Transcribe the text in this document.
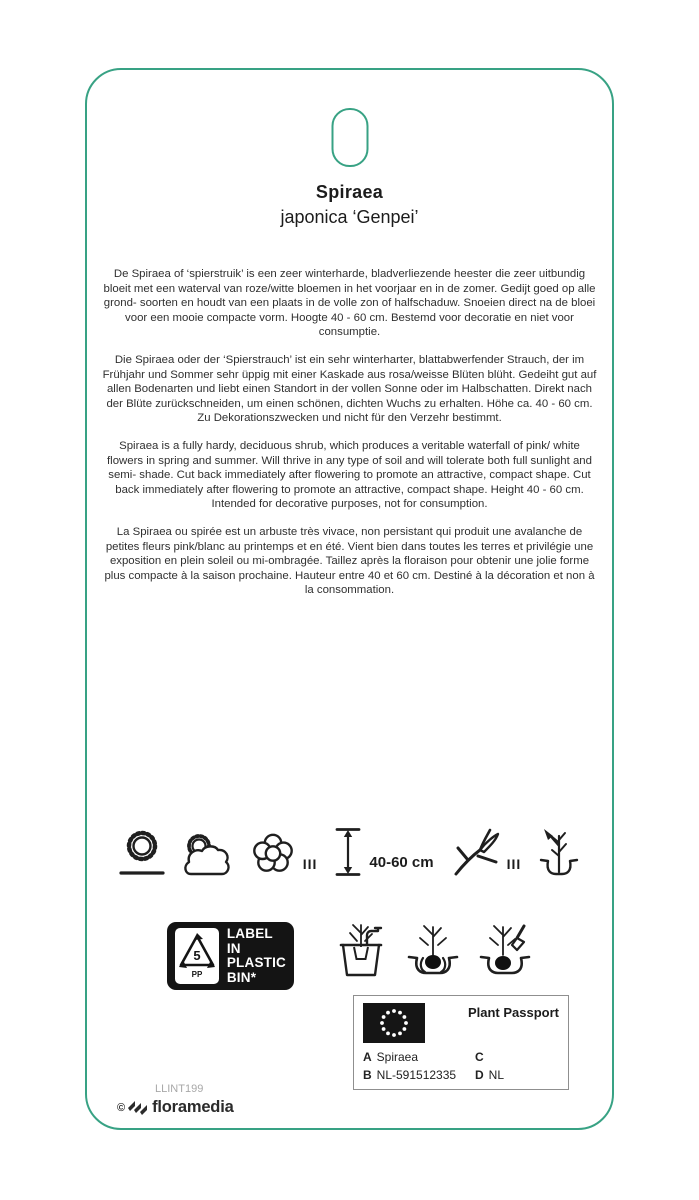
Spiraea
japonica ‘Genpei’

De Spiraea of ‘spierstruik’ is een zeer winterharde, bladverliezende heester die zeer uitbundig bloeit met een waterval van roze/witte bloemen in het voorjaar en in de zomer. Gedijt goed op alle grond- soorten en houdt van een plaats in de volle zon of halfschaduw. Snoeien direct na de bloei voor een mooie compacte vorm. Hoogte 40 - 60 cm. Bestemd voor decoratie en niet voor consumptie.

Die Spiraea oder der ‘Spierstrauch’ ist ein sehr winterharter, blattabwerfender Strauch, der im Frühjahr und Sommer sehr üppig mit einer Kaskade aus rosa/weisse Blüten blüht. Gedeiht gut auf allen Bodenarten und liebt einen Standort in der vollen Sonne oder im Halbschatten. Direkt nach der Blüte zurückschneiden, um einen schönen, dichten Wuchs zu erhalten. Höhe ca. 40 - 60 cm. Zu Dekorationszwecken und nicht für den Verzehr bestimmt.

Spiraea is a fully hardy, deciduous shrub, which produces a veritable waterfall of pink/ white flowers in spring and summer. Will thrive in any type of soil and will tolerate both full sunlight and semi- shade. Cut back immediately after flowering to promote an attractive, compact shape. Cut back immediately after flowering to promote an attractive, compact shape. Height 40 - 60 cm. Intended for decorative purposes, not for consumption.

La Spiraea ou spirée est un arbuste très vivace, non persistant qui produit une avalanche de petites fleurs pink/blanc au printemps et en été. Vient bien dans toutes les terres et privilégie une exposition en plein soleil ou mi-ombragée. Taillez après la floraison pour obtenir une jolie forme plus compacte à la saison prochaine. Hauteur entre 40 et 60 cm. Destiné à la décoration et non à la consommation.

III	40-60 cm	III
5
PP
LABEL IN
PLASTIC
BIN*
Plant Passport
A Spiraea	C
B NL-591512335	D NL
LLINT199
© floramedia
